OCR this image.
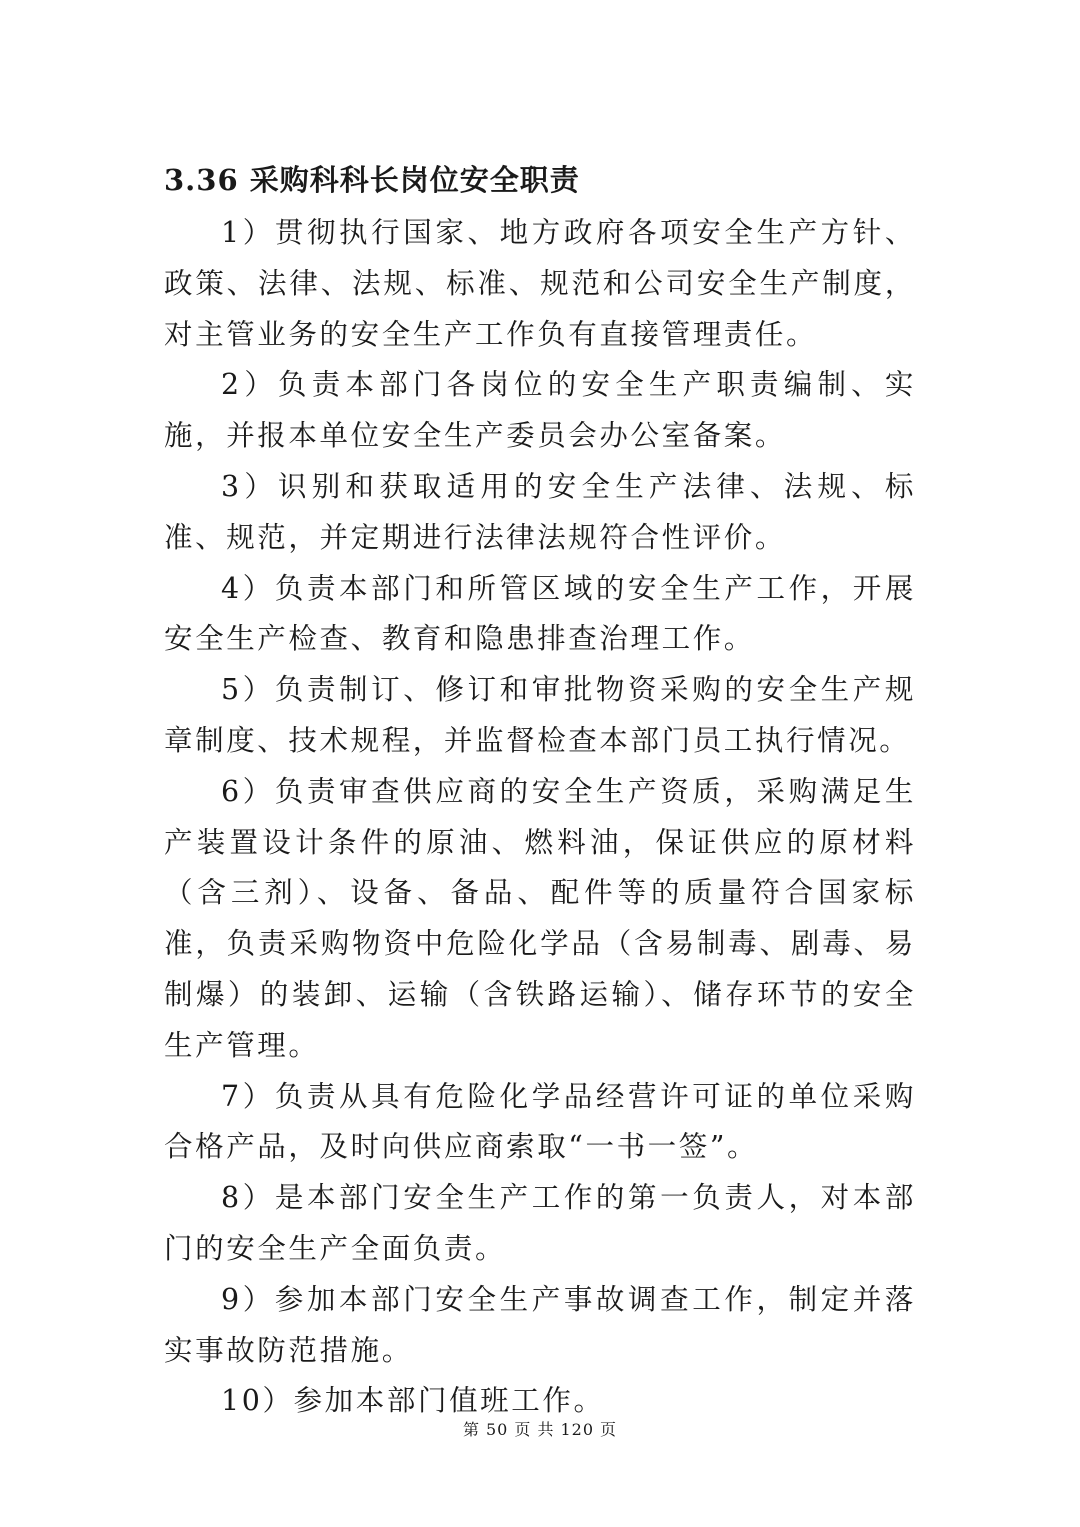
3.36 采购科科长岗位安全职责

1）贯彻执行国家、地方政府各项安全生产方针、政策、法律、法规、标准、规范和公司安全生产制度，对主管业务的安全生产工作负有直接管理责任。

2）负责本部门各岗位的安全生产职责编制、实施，并报本单位安全生产委员会办公室备案。

3）识别和获取适用的安全生产法律、法规、标准、规范，并定期进行法律法规符合性评价。

4）负责本部门和所管区域的安全生产工作，开展安全生产检查、教育和隐患排查治理工作。

5）负责制订、修订和审批物资采购的安全生产规章制度、技术规程，并监督检查本部门员工执行情况。

6）负责审查供应商的安全生产资质，采购满足生产装置设计条件的原油、燃料油，保证供应的原材料（含三剂）、设备、备品、配件等的质量符合国家标准，负责采购物资中危险化学品（含易制毒、剧毒、易制爆）的装卸、运输（含铁路运输）、储存环节的安全生产管理。

7）负责从具有危险化学品经营许可证的单位采购合格产品，及时向供应商索取“一书一签”。

8）是本部门安全生产工作的第一负责人，对本部门的安全生产全面负责。

9）参加本部门安全生产事故调查工作，制定并落实事故防范措施。

10）参加本部门值班工作。

第 50 页 共 120 页
